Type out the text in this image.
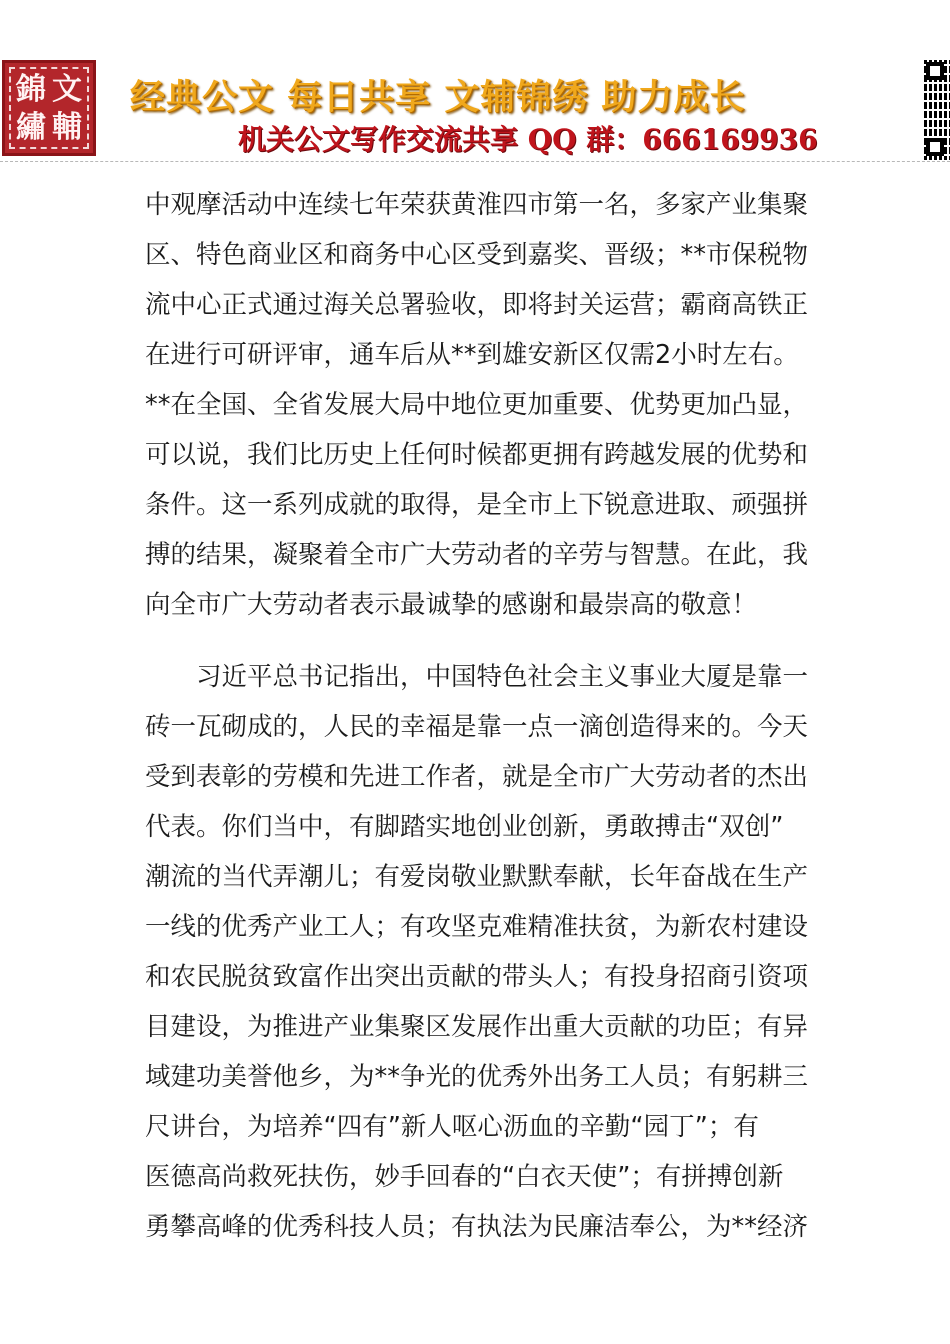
錦 文
繡 輔
经典公文 每日共享 文辅锦绣 助力成长
机关公文写作交流共享 QQ 群：666169936
中观摩活动中连续七年荣获黄淮四市第一名，多家产业集聚
区、特色商业区和商务中心区受到嘉奖、晋级；**市保税物
流中心正式通过海关总署验收，即将封关运营；霸商高铁正
在进行可研评审，通车后从**到雄安新区仅需2小时左右。
**在全国、全省发展大局中地位更加重要、优势更加凸显，
可以说，我们比历史上任何时候都更拥有跨越发展的优势和
条件。这一系列成就的取得，是全市上下锐意进取、顽强拼
搏的结果，凝聚着全市广大劳动者的辛劳与智慧。在此，我
向全市广大劳动者表示最诚挚的感谢和最崇高的敬意！
　　习近平总书记指出，中国特色社会主义事业大厦是靠一
砖一瓦砌成的，人民的幸福是靠一点一滴创造得来的。今天
受到表彰的劳模和先进工作者，就是全市广大劳动者的杰出
代表。你们当中，有脚踏实地创业创新，勇敢搏击“双创”
潮流的当代弄潮儿；有爱岗敬业默默奉献，长年奋战在生产
一线的优秀产业工人；有攻坚克难精准扶贫，为新农村建设
和农民脱贫致富作出突出贡献的带头人；有投身招商引资项
目建设，为推进产业集聚区发展作出重大贡献的功臣；有异
域建功美誉他乡，为**争光的优秀外出务工人员；有躬耕三
尺讲台，为培养“四有”新人呕心沥血的辛勤“园丁”；有
医德高尚救死扶伤，妙手回春的“白衣天使”；有拼搏创新
勇攀高峰的优秀科技人员；有执法为民廉洁奉公，为**经济
